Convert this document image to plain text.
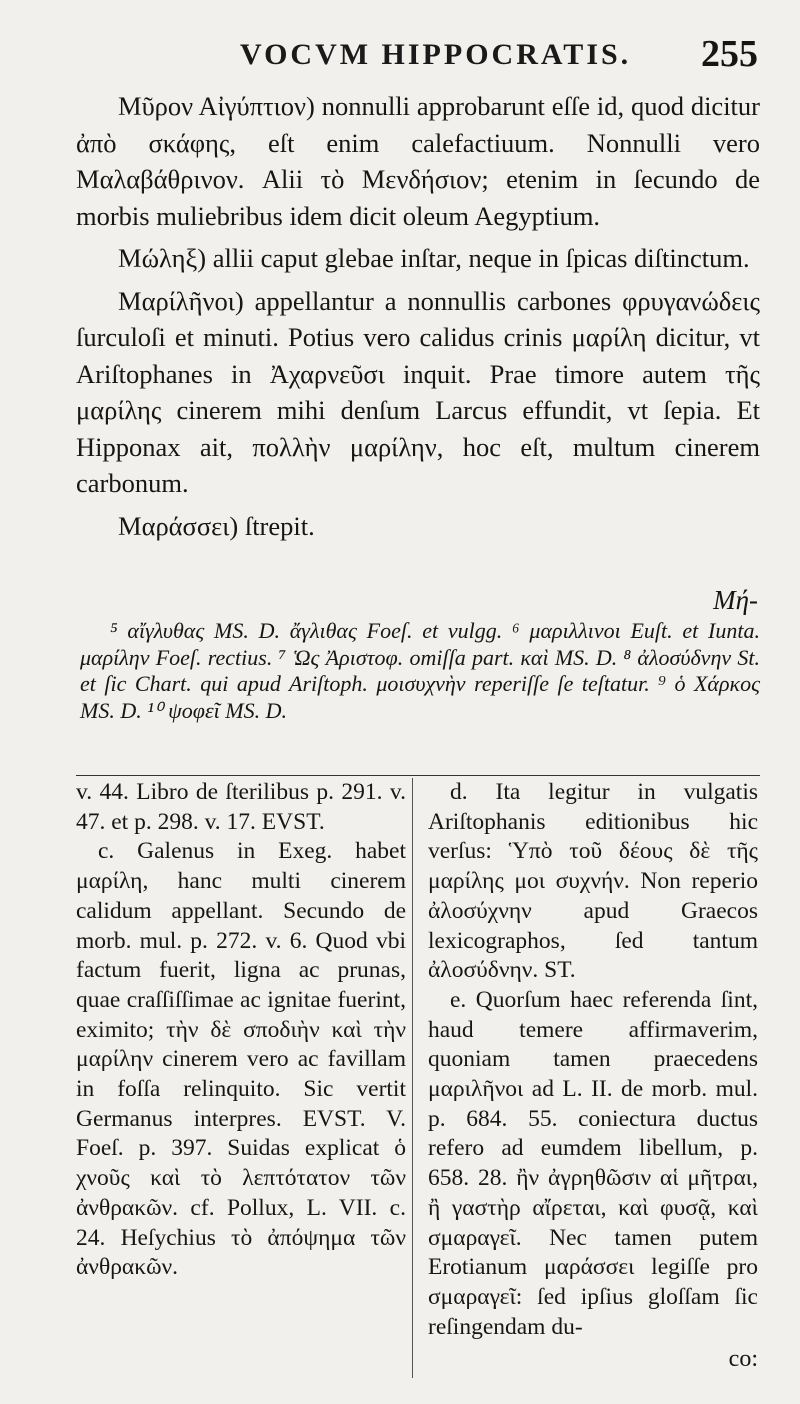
VOCVM HIPPOCRATIS. 255

Μῦρον Αἰγύπτιον) nonnulli approbarunt eſſe id, quod dicitur ἀπὸ σκάφης, eſt enim calefactiuum. Nonnulli vero Μαλαβάθρινον. Alii τὸ Μενδήσιον; etenim in ſecundo de morbis muliebribus idem dicit oleum Aegyptium.

Μώληξ) allii caput glebae inſtar, neque in ſpicas diſtinctum.

Μαρίλῆνοι) appellantur a nonnullis carbones φρυγανώδεις ſurculoſi et minuti. Potius vero calidus crinis μαρίλη dicitur, vt Ariſtophanes in Ἀχαρνεῦσι inquit. Prae timore autem τῆς μαρίλης cinerem mihi denſum Larcus effundit, vt ſepia. Et Hipponax ait, πολλὴν μαρίλην, hoc eſt, multum cinerem carbonum.

Μαράσσει) ſtrepit.

Μή-
⁵ αἴγλυθας MS. D. ἄγλιθας Foeſ. et vulgg. ⁶ μαριλλινοι Euſt. et Iunta. μαρίλην Foeſ. rectius. ⁷ Ὡς Ἀριστοφ. omiſſa part. καὶ MS. D. ⁸ ἀλοσύδνην St. et ſic Chart. qui apud Ariſtoph. μοισυχνὴν reperiſſe ſe teſtatur. ⁹ ὁ Χάρκος MS. D. ¹⁰ ψοφεῖ MS. D.

v. 44. Libro de ſterilibus p. 291. v. 47. et p. 298. v. 17. EVST.

c. Galenus in Exeg. habet μαρίλη, hanc multi cinerem calidum appellant. Secundo de morb. mul. p. 272. v. 6. Quod vbi factum fuerit, ligna ac prunas, quae craſſiſſimae ac ignitae fuerint, eximito; τὴν δὲ σποδιὴν καὶ τὴν μαρίλην cinerem vero ac favillam in foſſa relinquito. Sic vertit Germanus interpres. EVST. V. Foeſ. p. 397. Suidas explicat ὁ χνοῦς καὶ τὸ λεπτότατον τῶν ἀνθρακῶν. cf. Pollux, L. VII. c. 24. Heſychius τὸ ἀπόψημα τῶν ἀνθρακῶν.

d. Ita legitur in vulgatis Ariſtophanis editionibus hic verſus: Ὑπὸ τοῦ δέους δὲ τῆς μαρίλης μοι συχνήν. Non reperio ἀλοσύχνην apud Graecos lexicographos, ſed tantum ἀλοσύδνην. ST.

e. Quorſum haec referenda ſint, haud temere affirmaverim, quoniam tamen praecedens μαριλῆνοι ad L. II. de morb. mul. p. 684. 55. coniectura ductus refero ad eumdem libellum, p. 658. 28. ἢν ἀγρηθῶσιν αἱ μῆτραι, ἢ γαστὴρ αἴρεται, καὶ φυσᾷ, καὶ σμαραγεῖ. Nec tamen putem Erotianum μαράσσει legiſſe pro σμαραγεῖ: ſed ipſius gloſſam ſic reſingendam du-

co:
